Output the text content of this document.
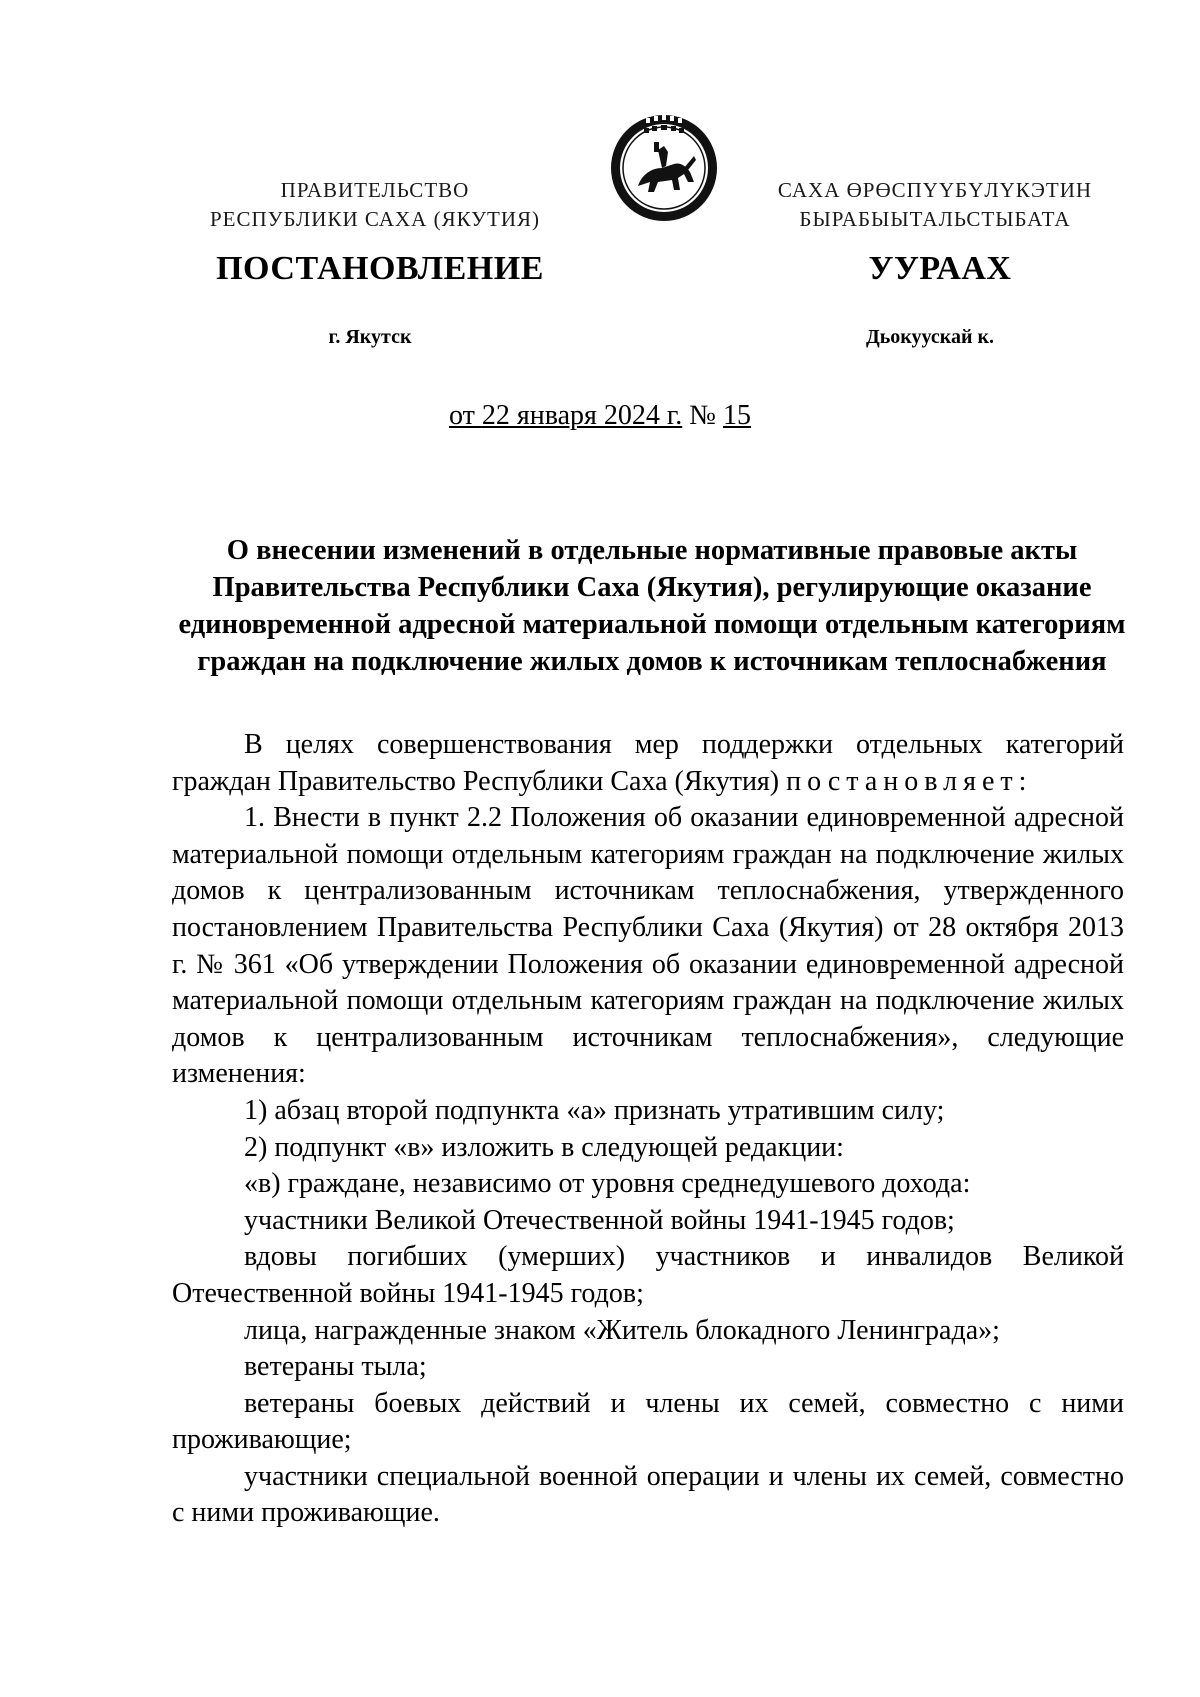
ПРАВИТЕЛЬСТВО
РЕСПУБЛИКИ САХА (ЯКУТИЯ)
САХА ӨРӨСПҮҮБҮЛҮКЭТИН
БЫРАБЫЫТАЛЬСТЫБАТА
ПОСТАНОВЛЕНИЕ	УУРААХ
г. Якутск	Дьокуускай к.
от 22 января 2024 г. № 15
О внесении изменений в отдельные нормативные правовые акты
Правительства Республики Саха (Якутия), регулирующие оказание
единовременной адресной материальной помощи отдельным категориям
граждан на подключение жилых домов к источникам теплоснабжения

В целях совершенствования мер поддержки отдельных категорий граждан Правительство Республики Саха (Якутия) постановляет:

1. Внести в пункт 2.2 Положения об оказании единовременной адресной материальной помощи отдельным категориям граждан на подключение жилых домов к централизованным источникам теплоснабжения, утвержденного постановлением Правительства Республики Саха (Якутия) от 28 октября 2013 г. № 361 «Об утверждении Положения об оказании единовременной адресной материальной помощи отдельным категориям граждан на подключение жилых домов к централизованным источникам теплоснабжения», следующие изменения:

1) абзац второй подпункта «а» признать утратившим силу;

2) подпункт «в» изложить в следующей редакции:

«в) граждане, независимо от уровня среднедушевого дохода:

участники Великой Отечественной войны 1941-1945 годов;

вдовы погибших (умерших) участников и инвалидов Великой Отечественной войны 1941-1945 годов;

лица, награжденные знаком «Житель блокадного Ленинграда»;

ветераны тыла;

ветераны боевых действий и члены их семей, совместно с ними проживающие;

участники специальной военной операции и члены их семей, совместно с ними проживающие.
